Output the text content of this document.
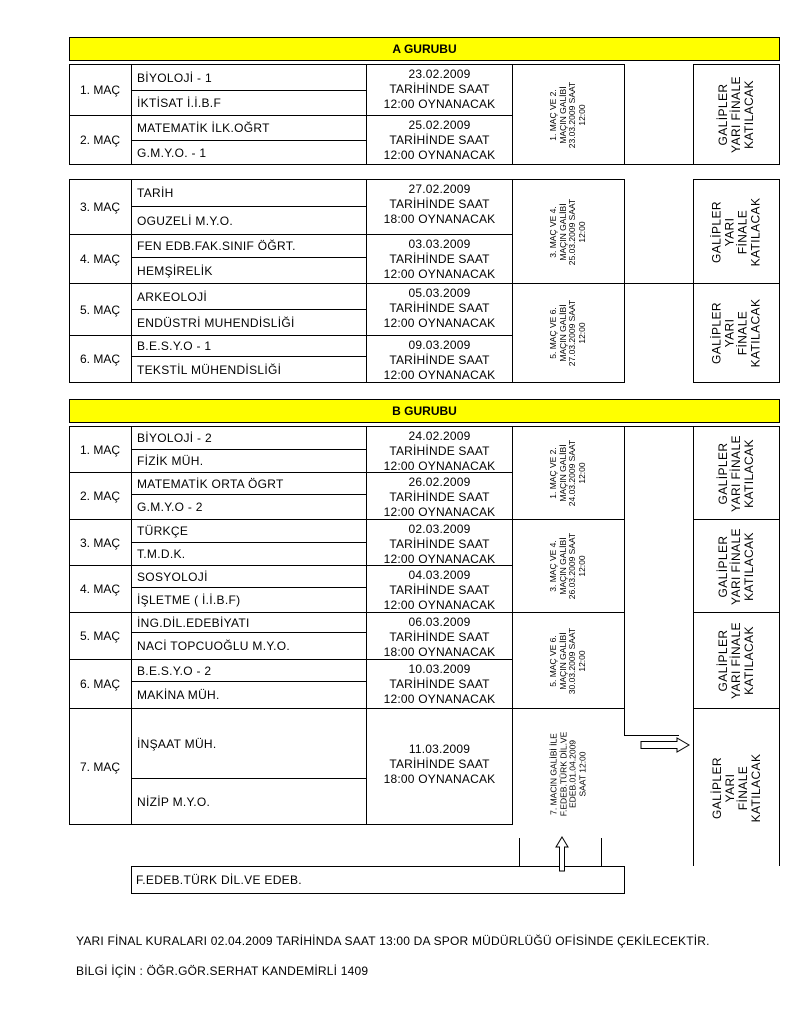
A GURUBU
1. MAÇ
BİYOLOJİ - 1
İKTİSAT İ.İ.B.F
23.02.2009
TARİHİNDE SAAT
12:00 OYNANACAK
2. MAÇ
MATEMATİK İLK.OĞRT
G.M.Y.O. - 1
25.02.2009
TARİHİNDE SAAT
12:00 OYNANACAK
1. MAÇ VE 2.
MAÇIN GALİBİ
23.03.2009 SAAT
12:00	GALİPLER
YARI FİNALE
KATILACAK
3. MAÇ
TARİH
OGUZELİ M.Y.O.
27.02.2009
TARİHİNDE SAAT
18:00 OYNANACAK
4. MAÇ
FEN EDB.FAK.SINIF ÖĞRT.
HEMŞİRELİK
03.03.2009
TARİHİNDE SAAT
12:00 OYNANACAK
5. MAÇ
ARKEOLOJİ
ENDÜSTRİ MUHENDİSLİĞİ
05.03.2009
TARİHİNDE SAAT
12:00 OYNANACAK
6. MAÇ
B.E.S.Y.O - 1
TEKSTİL MÜHENDİSLİĞİ
09.03.2009
TARİHİNDE SAAT
12:00 OYNANACAK
3. MAÇ VE 4.
MAÇIN GALİBİ
25.03.2009 SAAT
12:00
5. MAÇ VE 6.
MAÇIN GALİBİ
27.03.2009 SAAT
12:00
GALİPLER YARI
FİNALE
KATILACAK
GALİPLER YARI
FİNALE
KATILACAK
B GURUBU
1. MAÇ
BİYOLOJİ - 2
FİZİK MÜH.
24.02.2009
TARİHİNDE SAAT
12:00 OYNANACAK
2. MAÇ
MATEMATİK ORTA ÖGRT
G.M.Y.O - 2
26.02.2009
TARİHİNDE SAAT
12:00 OYNANACAK
3. MAÇ
TÜRKÇE
T.M.D.K.
02.03.2009
TARİHİNDE SAAT
12:00 OYNANACAK
4. MAÇ
SOSYOLOJİ
İŞLETME ( İ.İ.B.F)
04.03.2009
TARİHİNDE SAAT
12:00 OYNANACAK
5. MAÇ
İNG.DİL.EDEBİYATI
NACİ TOPCUOĞLU M.Y.O.
06.03.2009
TARİHİNDE SAAT
18:00 OYNANACAK
6. MAÇ
B.E.S.Y.O - 2
MAKİNA MÜH.
10.03.2009
TARİHİNDE SAAT
12:00 OYNANACAK
7. MAÇ
İNŞAAT MÜH.
NİZİP M.Y.O.
11.03.2009
TARİHİNDE SAAT
18:00 OYNANACAK
1. MAÇ VE 2.
MAÇIN GALİBİ
24.03.2009 SAAT
12:00
3. MAÇ VE 4.
MAÇIN GALİBİ
26.03.2009 SAAT
12:00
5. MAÇ VE 6.
MAÇIN GALİBİ
30.03.2009 SAAT
12:00
7. MACIN GALİBİ İLE
F.EDEB.TÜRK DİL.VE
EDEB.01.04.2009
SAAT 12:00
GALİPLER
YARI FİNALE
KATILACAK
GALİPLER
YARI FİNALE
KATILACAK
GALİPLER
YARI FİNALE
KATILACAK
GALİPLER YARI FİNALE
KATILACAK
F.EDEB.TÜRK DİL.VE EDEB.
YARI FİNAL KURALARI 02.04.2009 TARİHİNDA SAAT 13:00 DA SPOR MÜDÜRLÜĞÜ OFİSİNDE ÇEKİLECEKTİR.
BİLGİ İÇİN : ÖĞR.GÖR.SERHAT KANDEMİRLİ 1409
